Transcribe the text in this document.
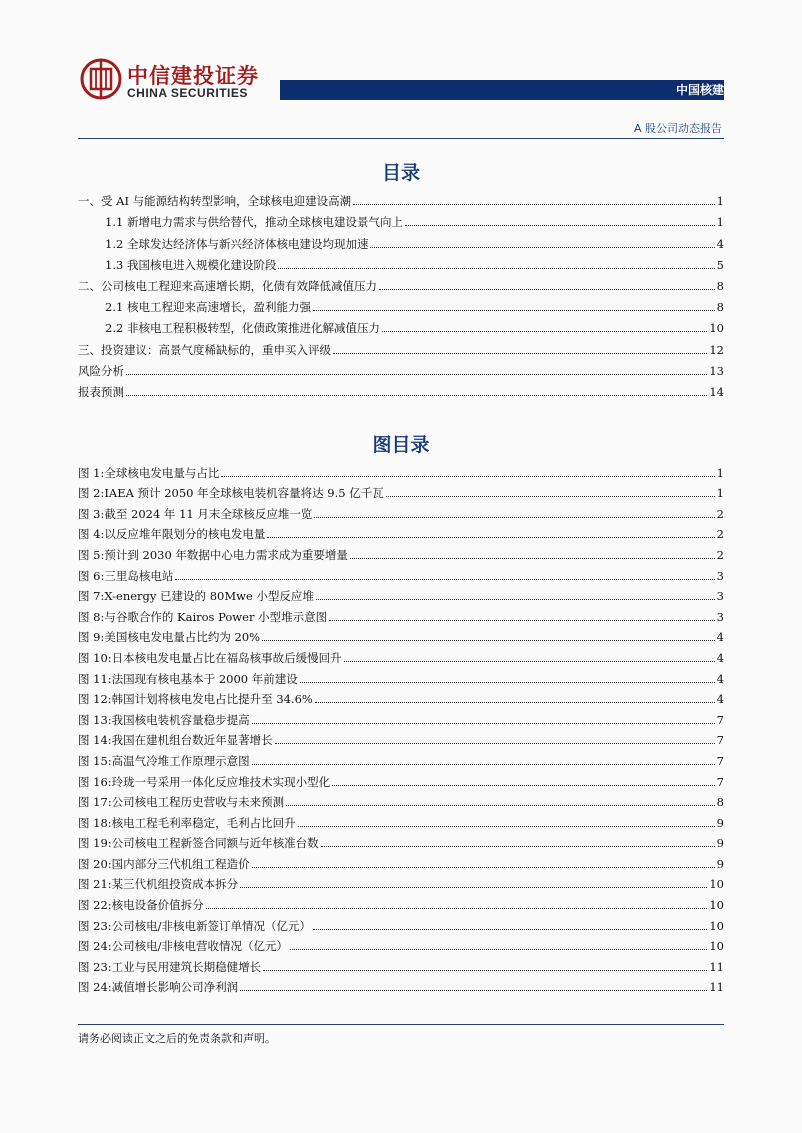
中信建投证券
CHINA SECURITIES	中国核建
A 股公司动态报告
目录
一、受 AI 与能源结构转型影响，全球核电迎建设高潮	1
1.1 新增电力需求与供给替代，推动全球核电建设景气向上	1
1.2 全球发达经济体与新兴经济体核电建设均现加速	4
1.3 我国核电进入规模化建设阶段	5
二、公司核电工程迎来高速增长期，化债有效降低减值压力	8
2.1 核电工程迎来高速增长，盈利能力强	8
2.2 非核电工程积极转型，化债政策推进化解减值压力	10
三、投资建议：高景气度稀缺标的，重申买入评级	12
风险分析	13
报表预测	14
图目录
图 1:全球核电发电量与占比	1
图 2:IAEA 预计 2050 年全球核电装机容量将达 9.5 亿千瓦	1
图 3:截至 2024 年 11 月末全球核反应堆一览	2
图 4:以反应堆年限划分的核电发电量	2
图 5:预计到 2030 年数据中心电力需求成为重要增量	2
图 6:三里岛核电站	3
图 7:X-energy 已建设的 80Mwe 小型反应堆	3
图 8:与谷歌合作的 Kairos Power 小型堆示意图	3
图 9:美国核电发电量占比约为 20%	4
图 10:日本核电发电量占比在福岛核事故后缓慢回升	4
图 11:法国现有核电基本于 2000 年前建设	4
图 12:韩国计划将核电发电占比提升至 34.6%	4
图 13:我国核电装机容量稳步提高	7
图 14:我国在建机组台数近年显著增长	7
图 15:高温气冷堆工作原理示意图	7
图 16:玲珑一号采用一体化反应堆技术实现小型化	7
图 17:公司核电工程历史营收与未来预测	8
图 18:核电工程毛利率稳定，毛利占比回升	9
图 19:公司核电工程新签合同额与近年核准台数	9
图 20:国内部分三代机组工程造价	9
图 21:某三代机组投资成本拆分	10
图 22:核电设备价值拆分	10
图 23:公司核电/非核电新签订单情况（亿元）	10
图 24:公司核电/非核电营收情况（亿元）	10
图 23:工业与民用建筑长期稳健增长	11
图 24:减值增长影响公司净利润	11
请务必阅读正文之后的免责条款和声明。
